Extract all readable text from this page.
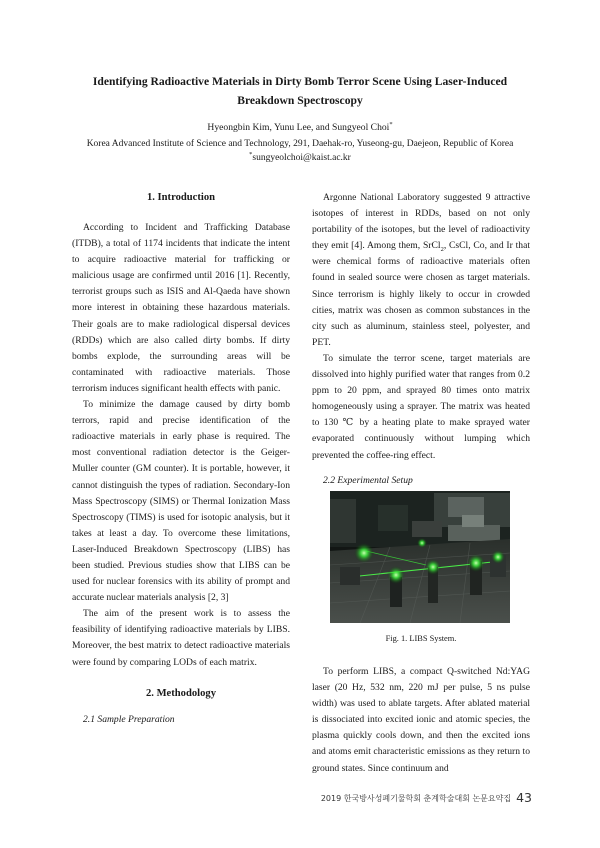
Identifying Radioactive Materials in Dirty Bomb Terror Scene Using Laser-Induced
Breakdown Spectroscopy
Hyeongbin Kim, Yunu Lee, and Sungyeol Choi*
Korea Advanced Institute of Science and Technology, 291, Daehak-ro, Yuseong-gu, Daejeon, Republic of Korea
*sungyeolchoi@kaist.ac.kr
1. Introduction

According to Incident and Trafficking Database (ITDB), a total of 1174 incidents that indicate the intent to acquire radioactive material for trafficking or malicious usage are confirmed until 2016 [1]. Recently, terrorist groups such as ISIS and Al-Qaeda have shown more interest in obtaining these hazardous materials. Their goals are to make radiological dispersal devices (RDDs) which are also called dirty bombs. If dirty bombs explode, the surrounding areas will be contaminated with radioactive materials. Those terrorism induces significant health effects with panic.

To minimize the damage caused by dirty bomb terrors, rapid and precise identification of the radioactive materials in early phase is required. The most conventional radiation detector is the Geiger-Muller counter (GM counter). It is portable, however, it cannot distinguish the types of radiation. Secondary-Ion Mass Spectroscopy (SIMS) or Thermal Ionization Mass Spectroscopy (TIMS) is used for isotopic analysis, but it takes at least a day. To overcome these limitations, Laser-Induced Breakdown Spectroscopy (LIBS) has been studied. Previous studies show that LIBS can be used for nuclear forensics with its ability of prompt and accurate nuclear materials analysis [2, 3]

The aim of the present work is to assess the feasibility of identifying radioactive materials by LIBS. Moreover, the best matrix to detect radioactive materials were found by comparing LODs of each matrix.

2. Methodology

2.1 Sample Preparation

Argonne National Laboratory suggested 9 attractive isotopes of interest in RDDs, based on not only portability of the isotopes, but the level of radioactivity they emit [4]. Among them, SrCl$_2$, CsCl, Co, and Ir that were chemical forms of radioactive materials often found in sealed source were chosen as target materials. Since terrorism is highly likely to occur in crowded cities, matrix was chosen as common substances in the city such as aluminum, stainless steel, polyester, and PET.

To simulate the terror scene, target materials are dissolved into highly purified water that ranges from 0.2 ppm to 20 ppm, and sprayed 80 times onto matrix homogeneously using a sprayer. The matrix was heated to 130 ℃ by a heating plate to make sprayed water evaporated continuously without lumping which prevented the coffee-ring effect.

2.2 Experimental Setup

Fig. 1. LIBS System.

To perform LIBS, a compact Q-switched Nd:YAG laser (20 Hz, 532 nm, 220 mJ per pulse, 5 ns pulse width) was used to ablate targets. After ablated material is dissociated into excited ionic and atomic species, the plasma quickly cools down, and then the excited ions and atoms emit characteristic emissions as they return to ground states. Since continuum and

2019 한국방사성폐기물학회 춘계학술대회 논문요약집 43
